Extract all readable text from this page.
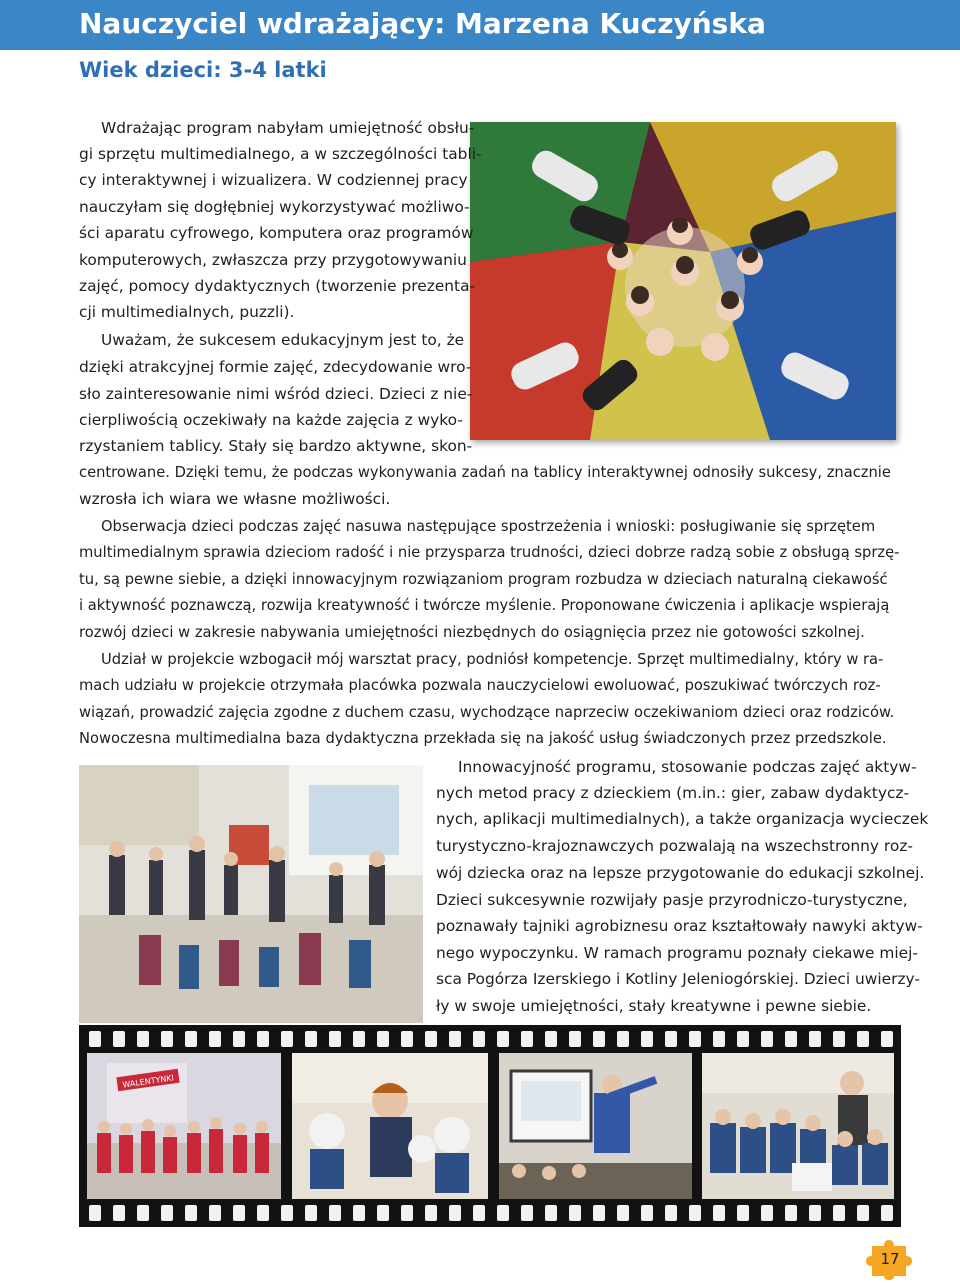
Nauczyciel wdrażający: Marzena Kuczyńska
Wiek dzieci: 3-4 latki

Wdrażając program nabyłam umiejętność obsłu-

gi sprzętu multimedialnego, a w szczególności tabli-

cy interaktywnej i wizualizera. W codziennej pracy

nauczyłam się dogłębniej wykorzystywać możliwo-

ści aparatu cyfrowego, komputera oraz programów

komputerowych, zwłaszcza przy przygotowywaniu

zajęć, pomocy dydaktycznych (tworzenie prezenta-

cji multimedialnych, puzzli).

Uważam, że sukcesem edukacyjnym jest to, że

dzięki atrakcyjnej formie zajęć, zdecydowanie wro-

sło zainteresowanie nimi wśród dzieci. Dzieci z nie-

cierpliwością oczekiwały na każde zajęcia z wyko-

rzystaniem tablicy. Stały się bardzo aktywne, skon-

centrowane. Dzięki temu, że podczas wykonywania zadań na tablicy interaktywnej odnosiły sukcesy, znacznie

wzrosła ich wiara we własne możliwości.

Obserwacja dzieci podczas zajęć nasuwa następujące spostrzeżenia i wnioski: posługiwanie się sprzętem

multimedialnym sprawia dzieciom radość i nie przysparza trudności, dzieci dobrze radzą sobie z obsługą sprzę-

tu, są pewne siebie, a dzięki innowacyjnym rozwiązaniom program rozbudza w dzieciach naturalną ciekawość

i aktywność poznawczą, rozwija kreatywność i twórcze myślenie. Proponowane ćwiczenia i aplikacje wspierają

rozwój dzieci w zakresie nabywania umiejętności niezbędnych do osiągnięcia przez nie gotowości szkolnej.

Udział w projekcie wzbogacił mój warsztat pracy, podniósł kompetencje. Sprzęt multimedialny, który w ra-

mach udziału w projekcie otrzymała placówka pozwala nauczycielowi ewoluować, poszukiwać twórczych roz-

wiązań, prowadzić zajęcia zgodne z duchem czasu, wychodzące naprzeciw oczekiwaniom dzieci oraz rodziców.

Nowoczesna multimedialna baza dydaktyczna przekłada się na jakość usług świadczonych przez przedszkole.

Innowacyjność programu, stosowanie podczas zajęć aktyw-

nych metod pracy z dzieckiem (m.in.: gier, zabaw dydaktycz-

nych, aplikacji multimedialnych), a także organizacja wycieczek

turystyczno-krajoznawczych pozwalają na wszechstronny roz-

wój dziecka oraz na lepsze przygotowanie do edukacji szkolnej.

Dzieci sukcesywnie rozwijały pasje przyrodniczo-turystyczne,

poznawały tajniki agrobiznesu oraz kształtowały nawyki aktyw-

nego wypoczynku. W ramach programu poznały ciekawe miej-

sca Pogórza Izerskiego i Kotliny Jeleniogórskiej. Dzieci uwierzy-

ły w swoje umiejętności, stały kreatywne i pewne siebie.

WALENTYNKI
17
